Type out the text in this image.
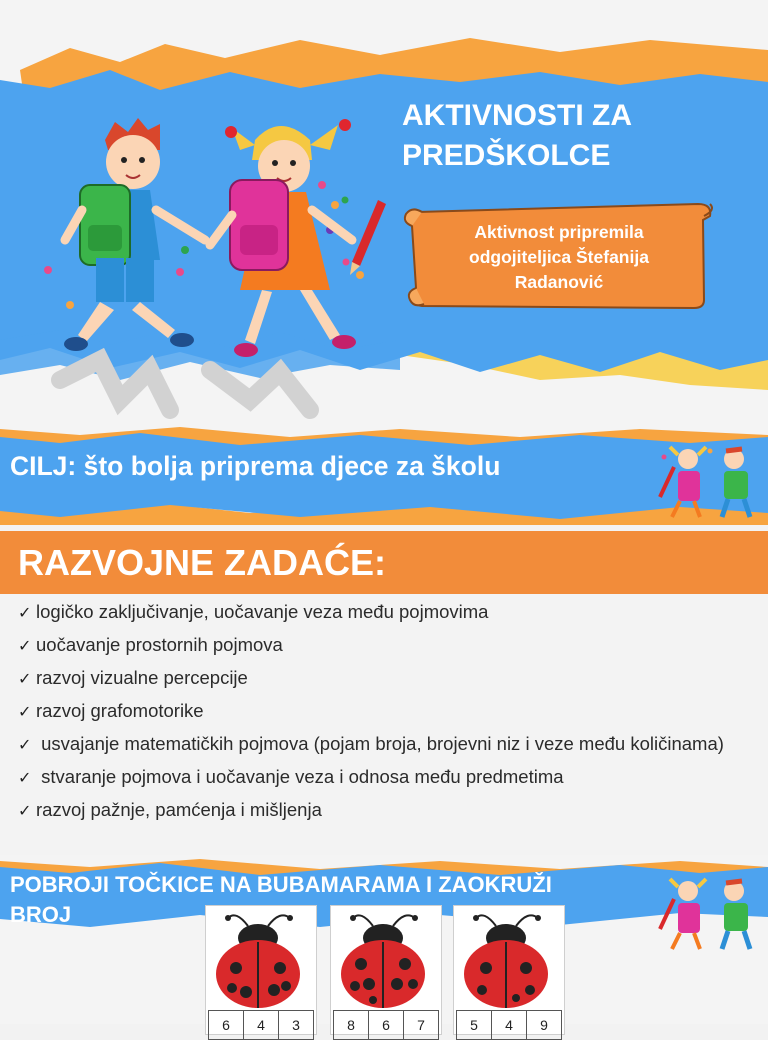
AKTIVNOSTI ZA
PREDŠKOLCE
Aktivnost pripremila
odgojiteljica Štefanija
Radanović
CILJ: što bolja priprema djece za školu
RAZVOJNE ZADAĆE:
✓ logičko zaključivanje, uočavanje veza među pojmovima
✓ uočavanje prostornih pojmova
✓ razvoj vizualne percepcije
✓ razvoj grafomotorike
✓ usvajanje matematičkih pojmova (pojam broja, brojevni niz i veze među količinama)
✓ stvaranje pojmova i uočavanje veza i odnosa među predmetima
✓ razvoj pažnje, pamćenja i mišljenja
POBROJI TOČKICE NA BUBAMARAMA I ZAOKRUŽI
BROJ
6	4	3	8	6	7	5	4	9
